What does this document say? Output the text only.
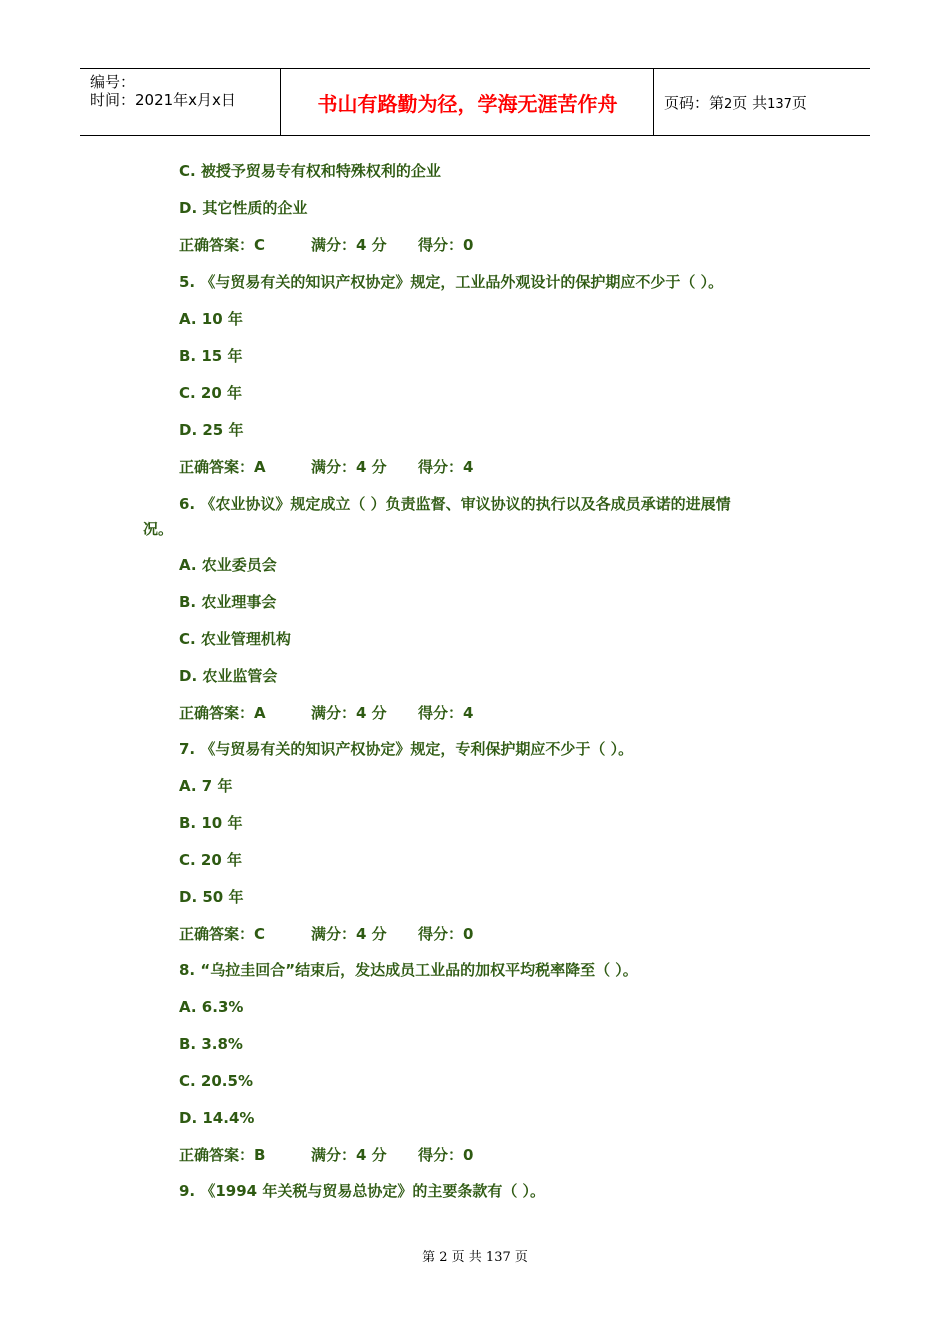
编号：
时间：2021年x月x日	书山有路勤为径，学海无涯苦作舟	页码：第2页 共137页
C. 被授予贸易专有权和特殊权利的企业
D. 其它性质的企业
正确答案：C	满分：4 分 得分：0
5. 《与贸易有关的知识产权协定》规定，工业品外观设计的保护期应不少于（ ）。
A. 10 年
B. 15 年
C. 20 年
D. 25 年
正确答案：A	满分：4 分 得分：4
6. 《农业协议》规定成立（ ）负责监督、审议协议的执行以及各成员承诺的进展情
况。
A. 农业委员会
B. 农业理事会
C. 农业管理机构
D. 农业监管会
正确答案：A	满分：4 分 得分：4
7. 《与贸易有关的知识产权协定》规定，专利保护期应不少于（ ）。
A. 7 年
B. 10 年
C. 20 年
D. 50 年
正确答案：C	满分：4 分 得分：0
8. “乌拉圭回合”结束后，发达成员工业品的加权平均税率降至（ ）。
A. 6.3%
B. 3.8%
C. 20.5%
D. 14.4%
正确答案：B	满分：4 分 得分：0
9. 《1994 年关税与贸易总协定》的主要条款有（ ）。
第 2 页 共 137 页
